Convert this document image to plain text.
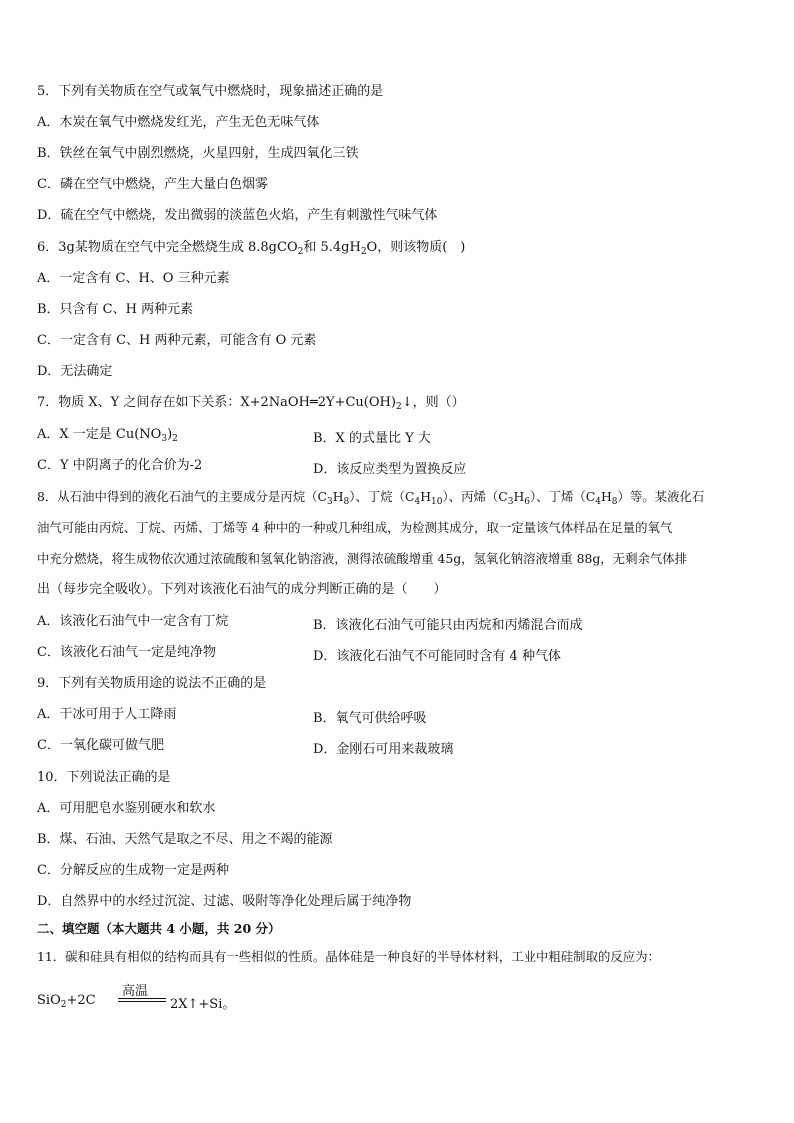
5．下列有关物质在空气或氧气中燃烧时，现象描述正确的是
A．木炭在氧气中燃烧发红光，产生无色无味气体
B．铁丝在氧气中剧烈燃烧，火星四射，生成四氧化三铁
C．磷在空气中燃烧，产生大量白色烟雾
D．硫在空气中燃烧，发出微弱的淡蓝色火焰，产生有刺激性气味气体
6．3g某物质在空气中完全燃烧生成 8.8gCO$_2$和 $5.4gH_2O$，则该物质(　)
A．一定含有 C、H、O 三种元素
B．只含有 C、H 两种元素
C．一定含有 C、H 两种元素，可能含有 O 元素
D．无法确定
7．物质 X、Y 之间存在如下关系：$X+2NaOH═2Y+Cu(OH)_2↓$，则（）
A．X 一定是 $Cu(NO_3)_2$	B．X 的式量比 Y 大
C．Y 中阴离子的化合价为-2	D．该反应类型为置换反应
8．从石油中得到的液化石油气的主要成分是丙烷$(C_3H_8)$、丁烷$(C_4H_{10})$、丙烯$(C_3H_6)$、丁烯$(C_4H_8)$等。某液化石
油气可能由丙烷、丁烷、丙烯、丁烯等 4 种中的一种或几种组成，为检测其成分，取一定量该气体样品在足量的氧气
中充分燃烧，将生成物依次通过浓硫酸和氢氧化钠溶液，测得浓硫酸增重 45g，氢氧化钠溶液增重 88g，无剩余气体排
出（每步完全吸收）。下列对该液化石油气的成分判断正确的是（　　）
A．该液化石油气中一定含有丁烷	B．该液化石油气可能只由丙烷和丙烯混合而成
C．该液化石油气一定是纯净物	D．该液化石油气不可能同时含有 4 种气体
9．下列有关物质用途的说法不正确的是
A．干冰可用于人工降雨	B．氧气可供给呼吸
C．一氧化碳可做气肥	D．金刚石可用来裁玻璃
10．下列说法正确的是
A．可用肥皂水鉴别硬水和软水
B．煤、石油、天然气是取之不尽、用之不竭的能源
C．分解反应的生成物一定是两种
D．自然界中的水经过沉淀、过滤、吸附等净化处理后属于纯净物
二、填空题（本大题共 4 小题，共 20 分）
11．碳和硅具有相似的结构而具有一些相似的性质。晶体硅是一种良好的半导体材料，工业中粗硅制取的反应为：
SiO$_2$+2C
高温
2X↑+Si。
